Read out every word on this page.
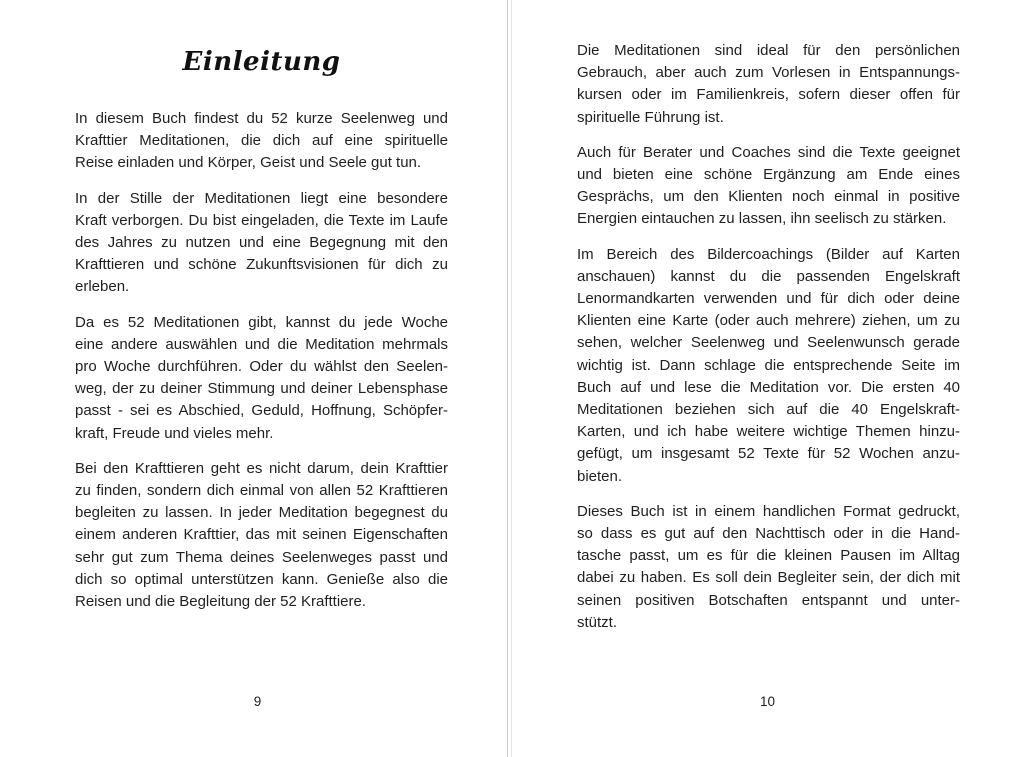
Einleitung
In diesem Buch findest du 52 kurze Seelenweg und
Krafttier Meditationen, die dich auf eine spirituelle
Reise einladen und Körper, Geist und Seele gut tun.
In der Stille der Meditationen liegt eine besondere
Kraft verborgen. Du bist eingeladen, die Texte im Laufe
des Jahres zu nutzen und eine Begegnung mit den
Krafttieren und schöne Zukunftsvisionen für dich zu
erleben.
Da es 52 Meditationen gibt, kannst du jede Woche
eine andere auswählen und die Meditation mehrmals
pro Woche durchführen. Oder du wählst den Seelen-
weg, der zu deiner Stimmung und deiner Lebensphase
passt - sei es Abschied, Geduld, Hoffnung, Schöpfer-
kraft, Freude und vieles mehr.
Bei den Krafttieren geht es nicht darum, dein Krafttier
zu finden, sondern dich einmal von allen 52 Krafttieren
begleiten zu lassen. In jeder Meditation begegnest du
einem anderen Krafttier, das mit seinen Eigenschaften
sehr gut zum Thema deines Seelenweges passt und
dich so optimal unterstützen kann. Genieße also die
Reisen und die Begleitung der 52 Krafttiere.
9
Die Meditationen sind ideal für den persönlichen
Gebrauch, aber auch zum Vorlesen in Entspannungs-
kursen oder im Familienkreis, sofern dieser offen für
spirituelle Führung ist.
Auch für Berater und Coaches sind die Texte geeignet
und bieten eine schöne Ergänzung am Ende eines
Gesprächs, um den Klienten noch einmal in positive
Energien eintauchen zu lassen, ihn seelisch zu stärken.
Im Bereich des Bildercoachings (Bilder auf Karten
anschauen) kannst du die passenden Engelskraft
Lenormandkarten verwenden und für dich oder deine
Klienten eine Karte (oder auch mehrere) ziehen, um zu
sehen, welcher Seelenweg und Seelenwunsch gerade
wichtig ist. Dann schlage die entsprechende Seite im
Buch auf und lese die Meditation vor. Die ersten 40
Meditationen beziehen sich auf die 40 Engelskraft-
Karten, und ich habe weitere wichtige Themen hinzu-
gefügt, um insgesamt 52 Texte für 52 Wochen anzu-
bieten.
Dieses Buch ist in einem handlichen Format gedruckt,
so dass es gut auf den Nachttisch oder in die Hand-
tasche passt, um es für die kleinen Pausen im Alltag
dabei zu haben. Es soll dein Begleiter sein, der dich mit
seinen positiven Botschaften entspannt und unter-
stützt.
10
